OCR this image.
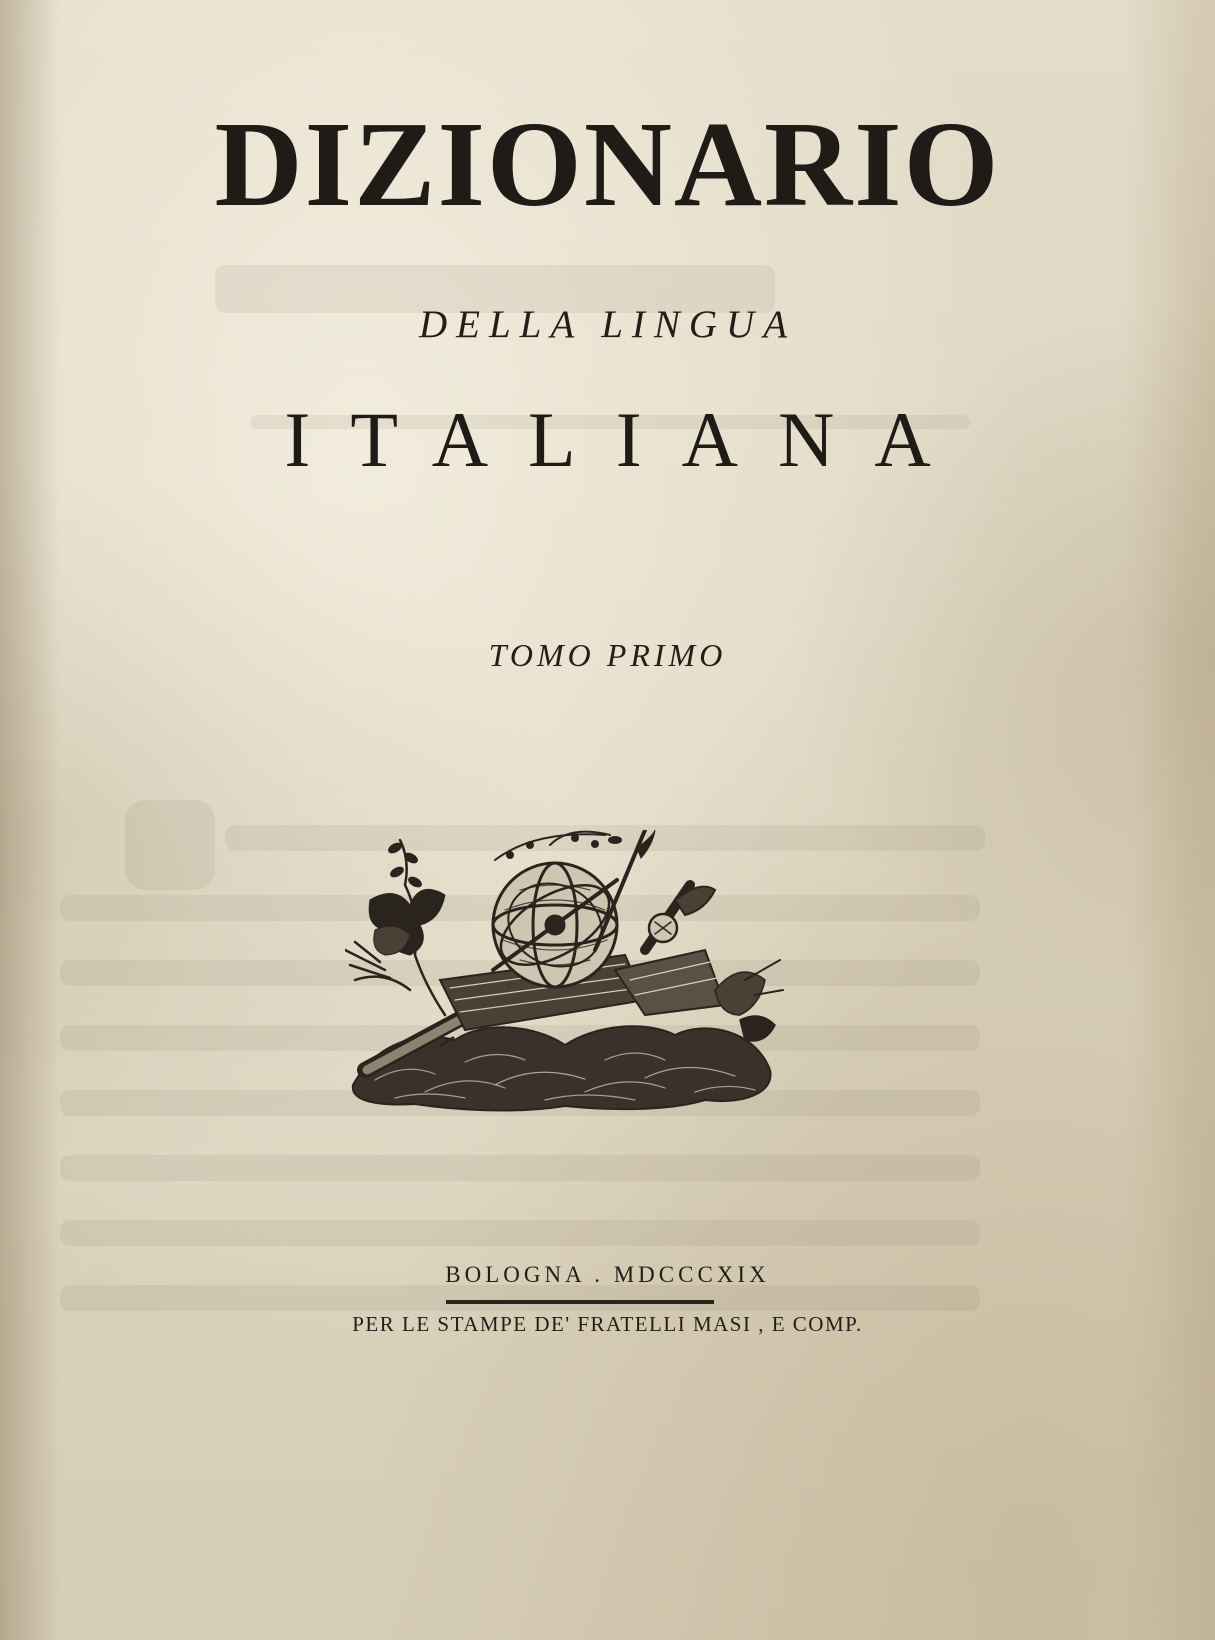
DIZIONARIO
DELLA LINGUA
ITALIANA
TOMO PRIMO
BOLOGNA . MDCCCXIX
PER LE STAMPE DE' FRATELLI MASI , E COMP.
